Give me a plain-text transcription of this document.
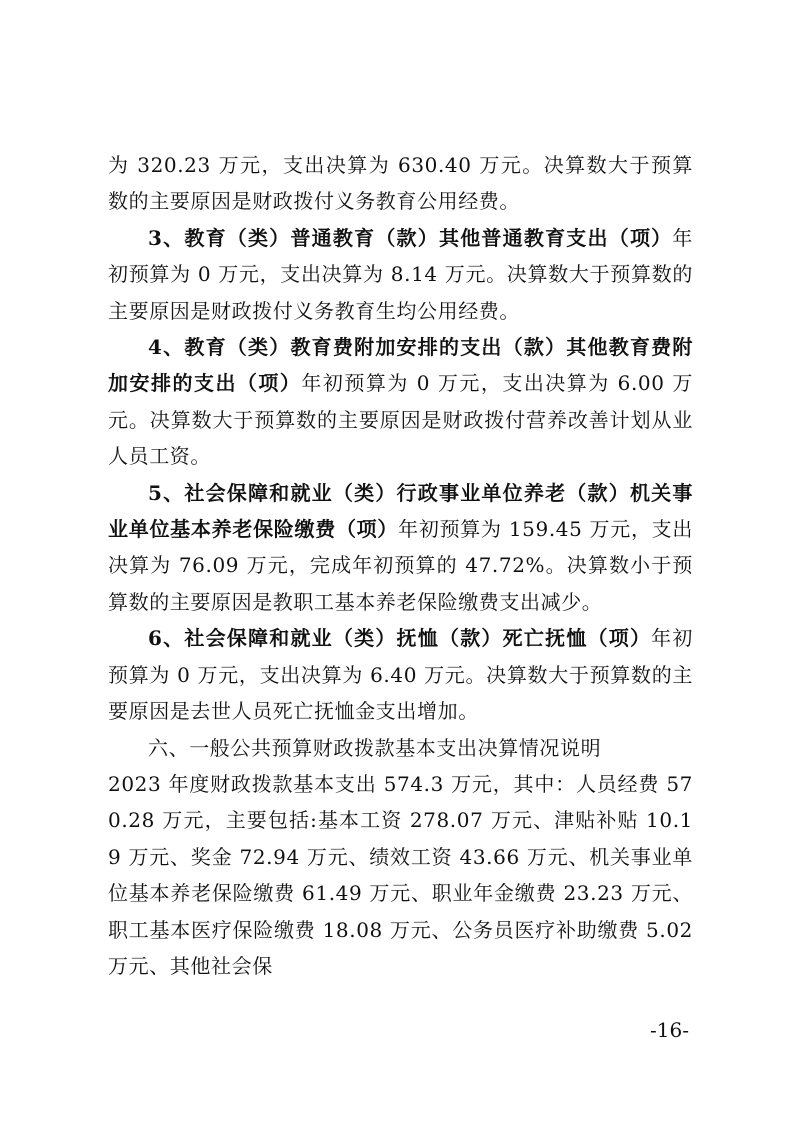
为 320.23 万元，支出决算为 630.40 万元。决算数大于预算数的主要原因是财政拨付义务教育公用经费。

3、教育（类）普通教育（款）其他普通教育支出（项）年初预算为 0 万元，支出决算为 8.14 万元。决算数大于预算数的主要原因是财政拨付义务教育生均公用经费。

4、教育（类）教育费附加安排的支出（款）其他教育费附加安排的支出（项）年初预算为 0 万元，支出决算为 6.00 万元。决算数大于预算数的主要原因是财政拨付营养改善计划从业人员工资。

5、社会保障和就业（类）行政事业单位养老（款）机关事业单位基本养老保险缴费（项）年初预算为 159.45 万元，支出决算为 76.09 万元，完成年初预算的 47.72%。决算数小于预算数的主要原因是教职工基本养老保险缴费支出减少。

6、社会保障和就业（类）抚恤（款）死亡抚恤（项）年初预算为 0 万元，支出决算为 6.40 万元。决算数大于预算数的主要原因是去世人员死亡抚恤金支出增加。

六、一般公共预算财政拨款基本支出决算情况说明

2023 年度财政拨款基本支出 574.3 万元，其中：人员经费 570.28 万元，主要包括:基本工资 278.07 万元、津贴补贴 10.19 万元、奖金 72.94 万元、绩效工资 43.66 万元、机关事业单位基本养老保险缴费 61.49 万元、职业年金缴费 23.23 万元、职工基本医疗保险缴费 18.08 万元、公务员医疗补助缴费 5.02 万元、其他社会保

-16-
